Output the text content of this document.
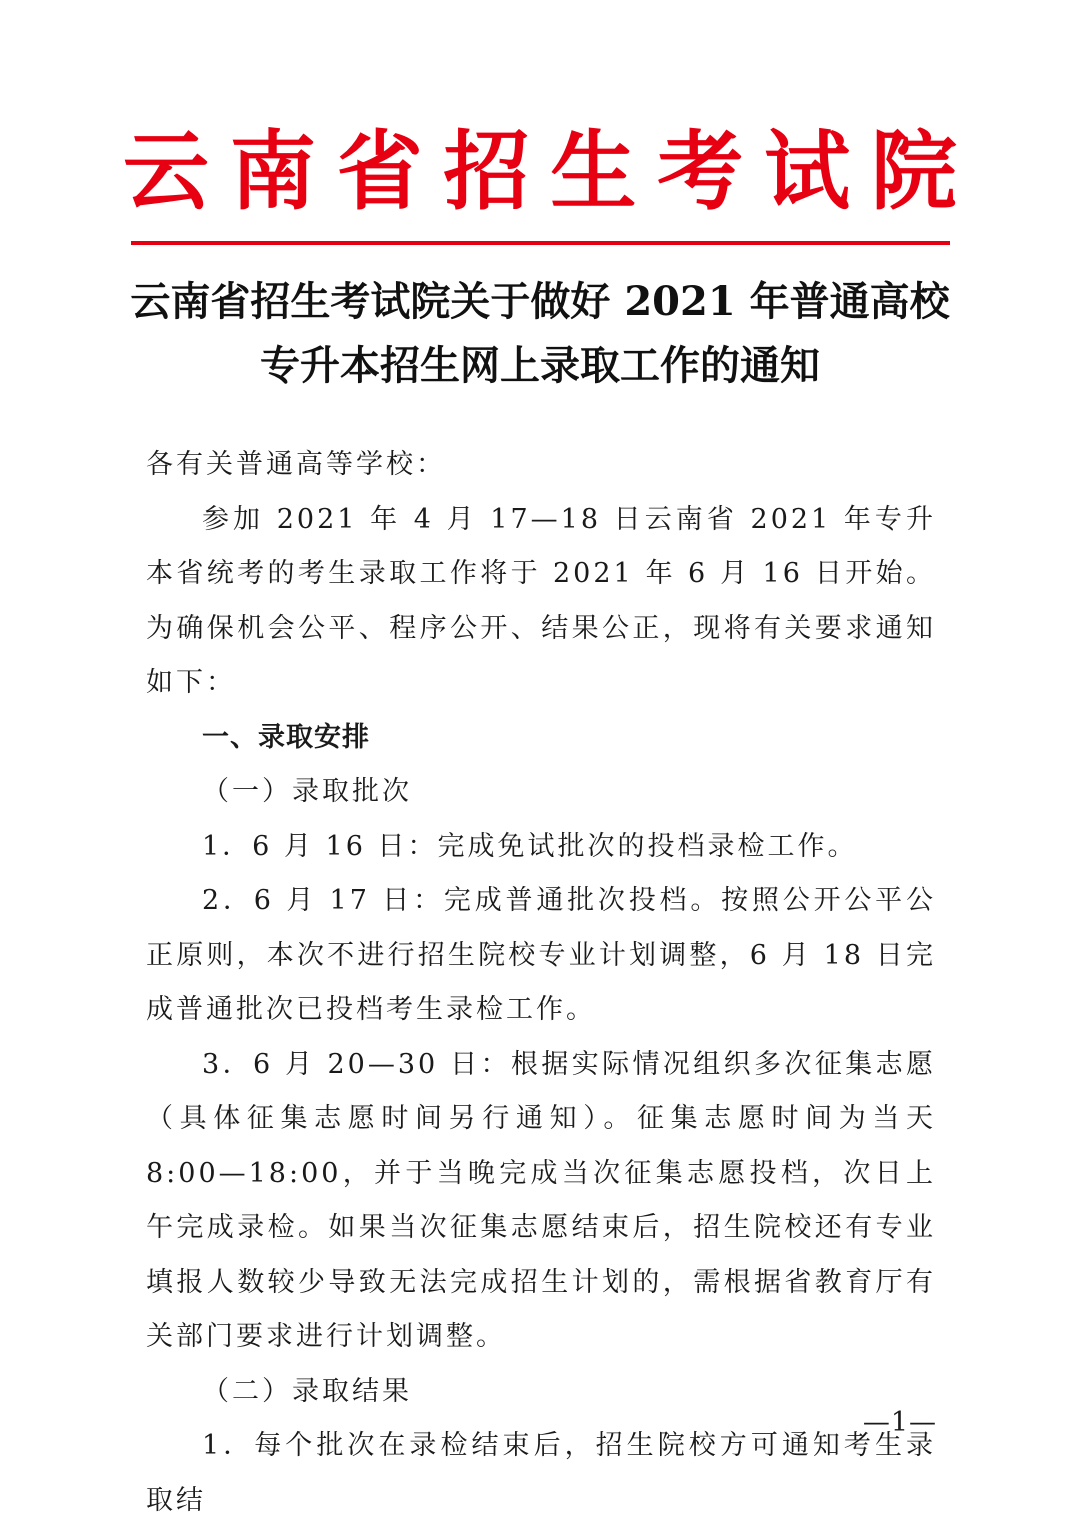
云 南 省 招 生 考 试 院
云南省招生考试院关于做好 2021 年普通高校
专升本招生网上录取工作的通知

各有关普通高等学校：

参加 2021 年 4 月 17—18 日云南省 2021 年专升本省统考的考生录取工作将于 2021 年 6 月 16 日开始。为确保机会公平、程序公开、结果公正，现将有关要求通知如下：

一、录取安排

（一）录取批次

1．6 月 16 日：完成免试批次的投档录检工作。

2．6 月 17 日：完成普通批次投档。按照公开公平公正原则，本次不进行招生院校专业计划调整，6 月 18 日完成普通批次已投档考生录检工作。

3．6 月 20—30 日：根据实际情况组织多次征集志愿（具体征集志愿时间另行通知）。征集志愿时间为当天 8:00—18:00，并于当晚完成当次征集志愿投档，次日上午完成录检。如果当次征集志愿结束后，招生院校还有专业填报人数较少导致无法完成招生计划的，需根据省教育厅有关部门要求进行计划调整。

（二）录取结果

1．每个批次在录检结束后，招生院校方可通知考生录取结

—1—
